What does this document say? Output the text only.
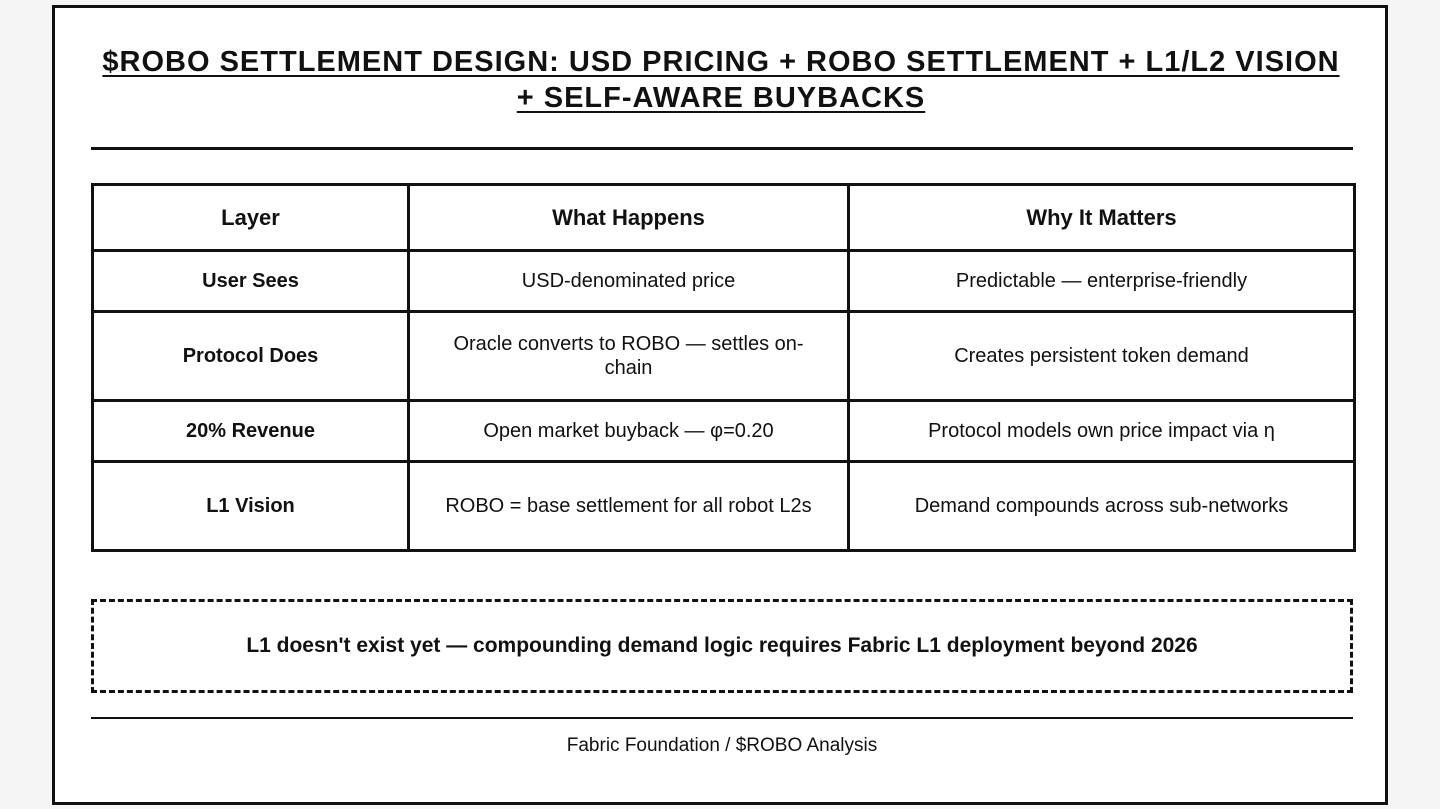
$ROBO SETTLEMENT DESIGN: USD PRICING + ROBO SETTLEMENT + L1/L2 VISION + SELF-AWARE BUYBACKS
Layer	What Happens	Why It Matters
User Sees	USD-denominated price	Predictable — enterprise-friendly
Protocol Does	Oracle converts to ROBO — settles on-chain	Creates persistent token demand
20% Revenue	Open market buyback — φ=0.20	Protocol models own price impact via η
L1 Vision	ROBO = base settlement for all robot L2s	Demand compounds across sub-networks
L1 doesn't exist yet — compounding demand logic requires Fabric L1 deployment beyond 2026
Fabric Foundation / $ROBO Analysis
